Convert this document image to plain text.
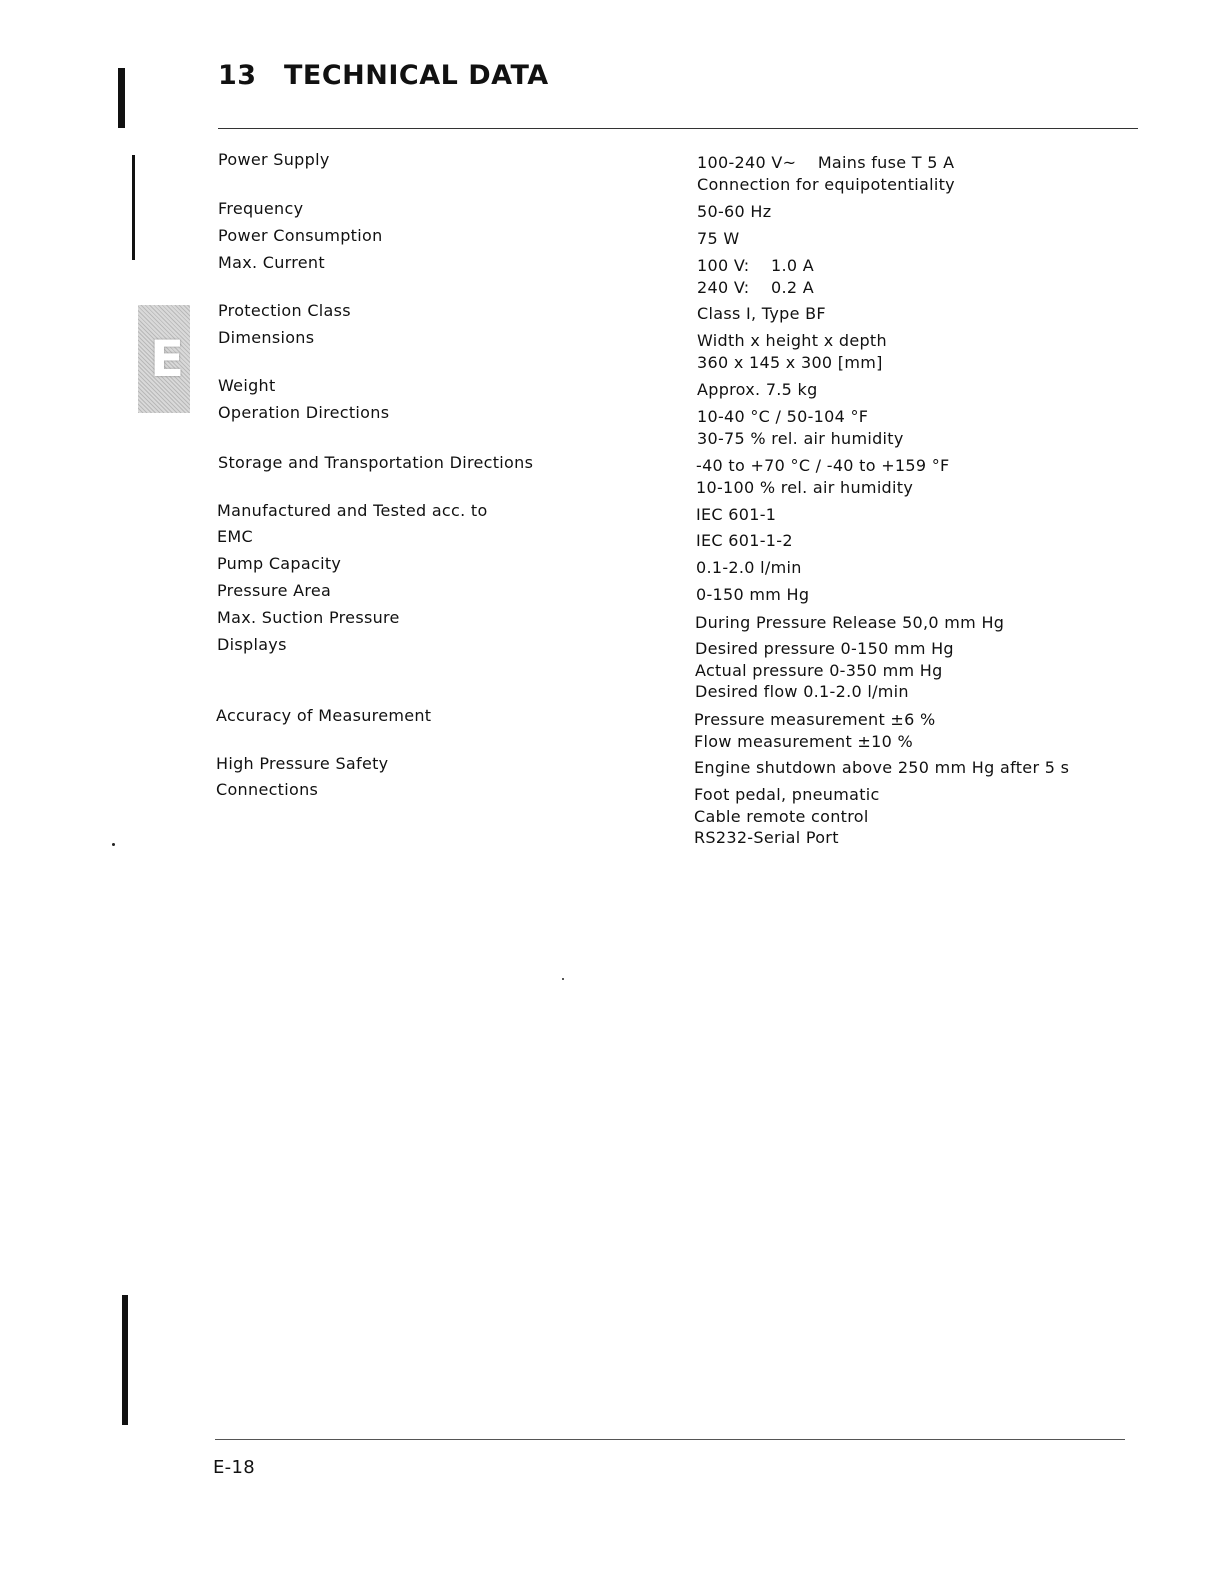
13 TECHNICAL DATA
E
Power Supply	100-240 V~    Mains fuse T 5 A
Connection for equipotentiality
Frequency	50-60 Hz
Power Consumption	75 W
Max. Current	100 V:    1.0 A
240 V:    0.2 A
Protection Class	Class I, Type BF
Dimensions	Width x height x depth
360 x 145 x 300 [mm]
Weight	Approx. 7.5 kg
Operation Directions	10-40 °C / 50-104 °F
30-75 % rel. air humidity
Storage and Transportation Directions	-40 to +70 °C / -40 to +159 °F
10-100 % rel. air humidity
Manufactured and Tested acc. to	IEC 601-1
EMC	IEC 601-1-2
Pump Capacity	0.1-2.0 l/min
Pressure Area	0-150 mm Hg
Max. Suction Pressure	During Pressure Release 50,0 mm Hg
Displays	Desired pressure 0-150 mm Hg
Actual pressure 0-350 mm Hg
Desired flow 0.1-2.0 l/min
Accuracy of Measurement	Pressure measurement ±6 %
Flow measurement ±10 %
High Pressure Safety	Engine shutdown above 250 mm Hg after 5 s
Connections	Foot pedal, pneumatic
Cable remote control
RS232-Serial Port
E-18
